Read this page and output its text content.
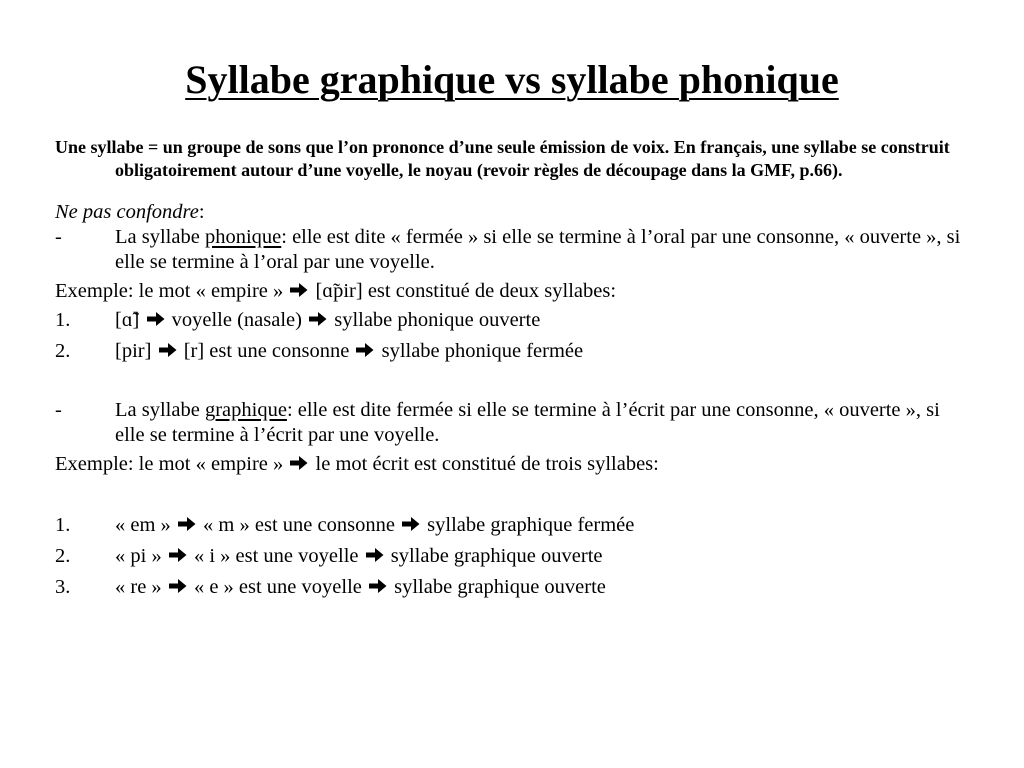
Syllabe graphique vs syllabe phonique

Une syllabe = un groupe de sons que l’on prononce d’une seule émission de voix. En français, une syllabe se construit obligatoirement autour d’une voyelle, le noyau (revoir règles de découpage dans la GMF, p.66).

Ne pas confondre:

-	La syllabe phonique: elle est dite « fermée » si elle se termine à l’oral par une consonne, « ouverte », si elle se termine à l’oral par une voyelle.

Exemple: le mot « empire » [ɑ̃pir] est constitué de deux syllabes:

1.	[ɑ̃] voyelle (nasale) syllabe phonique ouverte
2.	[pir] [r] est une consonne syllabe phonique fermée
-	La syllabe graphique: elle est dite fermée si elle se termine à l’écrit par une consonne, « ouverte », si elle se termine à l’écrit par une voyelle.

Exemple: le mot « empire » le mot écrit est constitué de trois syllabes:

1.	« em » « m » est une consonne syllabe graphique fermée
2.	« pi » « i » est une voyelle syllabe graphique ouverte
3.	« re » « e » est une voyelle syllabe graphique ouverte
